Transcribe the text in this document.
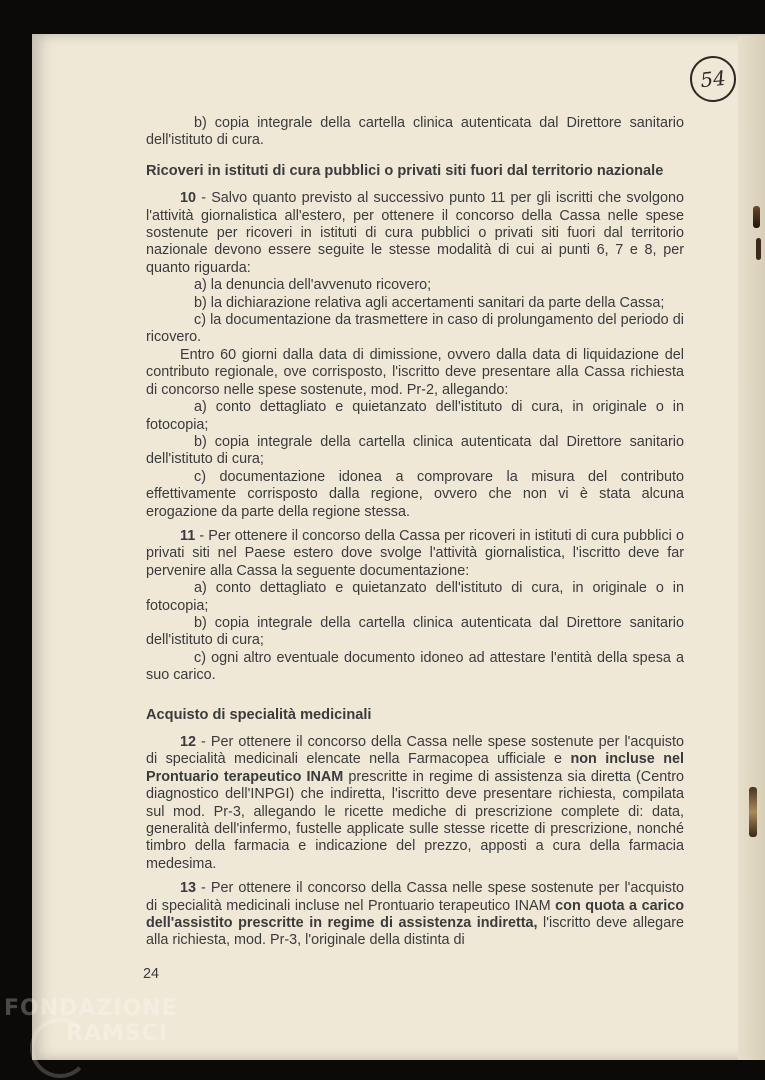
54

b) copia integrale della cartella clinica autenticata dal Direttore sanitario dell'istituto di cura.

Ricoveri in istituti di cura pubblici o privati siti fuori dal territorio nazionale

10 - Salvo quanto previsto al successivo punto 11 per gli iscritti che svolgono l'attività giornalistica all'estero, per ottenere il concorso della Cassa nelle spese sostenute per ricoveri in istituti di cura pubblici o privati siti fuori dal territorio nazionale devono essere seguite le stesse modalità di cui ai punti 6, 7 e 8, per quanto riguarda:

a) la denuncia dell'avvenuto ricovero;

b) la dichiarazione relativa agli accertamenti sanitari da parte della Cassa;

c) la documentazione da trasmettere in caso di prolungamento del periodo di ricovero.

Entro 60 giorni dalla data di dimissione, ovvero dalla data di liquidazione del contributo regionale, ove corrisposto, l'iscritto deve presentare alla Cassa richiesta di concorso nelle spese sostenute, mod. Pr-2, allegando:

a) conto dettagliato e quietanzato dell'istituto di cura, in originale o in fotocopia;

b) copia integrale della cartella clinica autenticata dal Direttore sanitario dell'istituto di cura;

c) documentazione idonea a comprovare la misura del contributo effettivamente corrisposto dalla regione, ovvero che non vi è stata alcuna erogazione da parte della regione stessa.

11 - Per ottenere il concorso della Cassa per ricoveri in istituti di cura pubblici o privati siti nel Paese estero dove svolge l'attività giornalistica, l'iscritto deve far pervenire alla Cassa la seguente documentazione:

a) conto dettagliato e quietanzato dell'istituto di cura, in originale o in fotocopia;

b) copia integrale della cartella clinica autenticata dal Direttore sanitario dell'istituto di cura;

c) ogni altro eventuale documento idoneo ad attestare l'entità della spesa a suo carico.

Acquisto di specialità medicinali

12 - Per ottenere il concorso della Cassa nelle spese sostenute per l'acquisto di specialità medicinali elencate nella Farmacopea ufficiale e non incluse nel Prontuario terapeutico INAM prescritte in regime di assistenza sia diretta (Centro diagnostico dell'INPGI) che indiretta, l'iscritto deve presentare richiesta, compilata sul mod. Pr-3, allegando le ricette mediche di prescrizione complete di: data, generalità dell'infermo, fustelle applicate sulle stesse ricette di prescrizione, nonché timbro della farmacia e indicazione del prezzo, apposti a cura della farmacia medesima.

13 - Per ottenere il concorso della Cassa nelle spese sostenute per l'acquisto di specialità medicinali incluse nel Prontuario terapeutico INAM con quota a carico dell'assistito prescritte in regime di assistenza indiretta, l'iscritto deve allegare alla richiesta, mod. Pr-3, l'originale della distinta di

24
FONDAZIONE
RAMSCI
